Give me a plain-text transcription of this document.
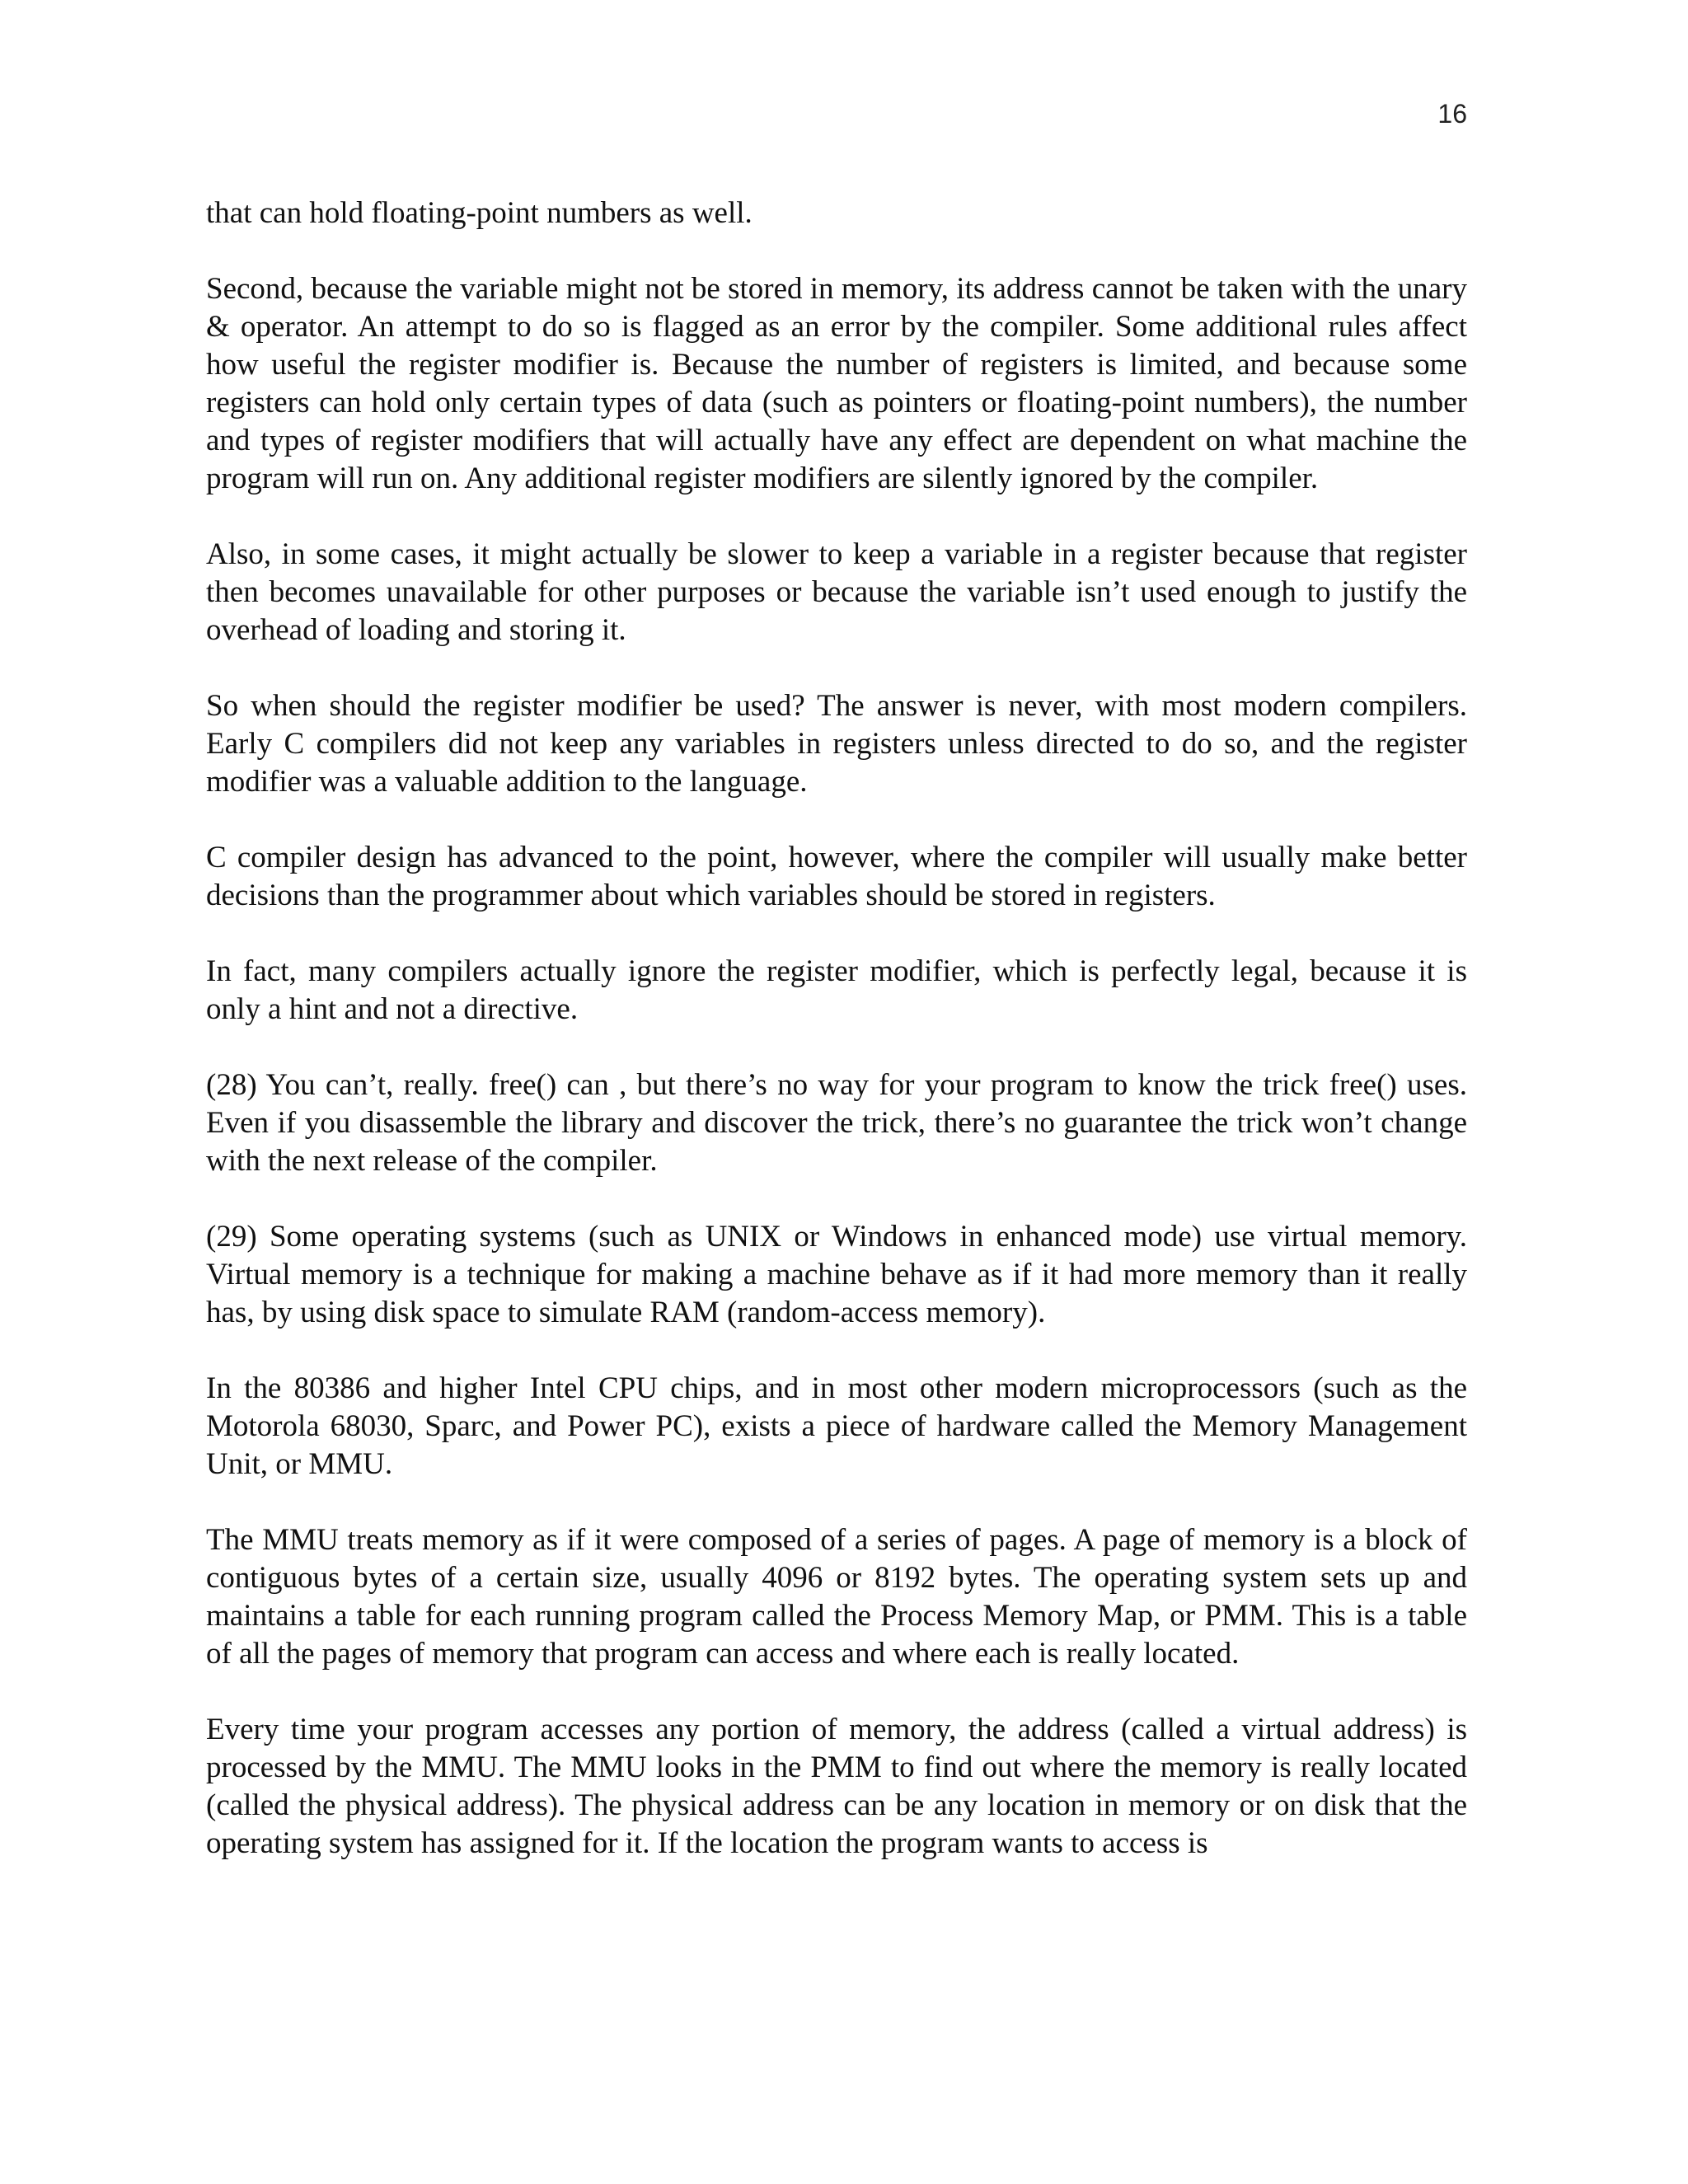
16

that can hold floating-point numbers as well.

Second, because the variable might not be stored in memory, its address cannot be taken with the unary & operator. An attempt to do so is flagged as an error by the compiler. Some additional rules affect how useful the register modifier is. Because the number of registers is limited, and because some registers can hold only certain types of data (such as pointers or floating-point numbers), the number and types of register modifiers that will actually have any effect are dependent on what machine the program will run on. Any additional register modifiers are silently ignored by the compiler.

Also, in some cases, it might actually be slower to keep a variable in a register because that register then becomes unavailable for other purposes or because the variable isn’t used enough to justify the overhead of loading and storing it.

So when should the register modifier be used? The answer is never, with most modern compilers. Early C compilers did not keep any variables in registers unless directed to do so, and the register modifier was a valuable addition to the language.

C compiler design has advanced to the point, however, where the compiler will usually make better decisions than the programmer about which variables should be stored in registers.

In fact, many compilers actually ignore the register modifier, which is perfectly legal, because it is only a hint and not a directive.

(28) You can’t, really. free() can , but there’s no way for your program to know the trick free() uses. Even if you disassemble the library and discover the trick, there’s no guarantee the trick won’t change with the next release of the compiler.

(29) Some operating systems (such as UNIX or Windows in enhanced mode) use virtual memory. Virtual memory is a technique for making a machine behave as if it had more memory than it really has, by using disk space to simulate RAM (random-access memory).

In the 80386 and higher Intel CPU chips, and in most other modern microprocessors (such as the Motorola 68030, Sparc, and Power PC), exists a piece of hardware called the Memory Management Unit, or MMU.

The MMU treats memory as if it were composed of a series of pages. A page of memory is a block of contiguous bytes of a certain size, usually 4096 or 8192 bytes. The operating system sets up and maintains a table for each running program called the Process Memory Map, or PMM. This is a table of all the pages of memory that program can access and where each is really located.

Every time your program accesses any portion of memory, the address (called a virtual address) is processed by the MMU. The MMU looks in the PMM to find out where the memory is really located (called the physical address). The physical address can be any location in memory or on disk that the operating system has assigned for it. If the location the program wants to access is
